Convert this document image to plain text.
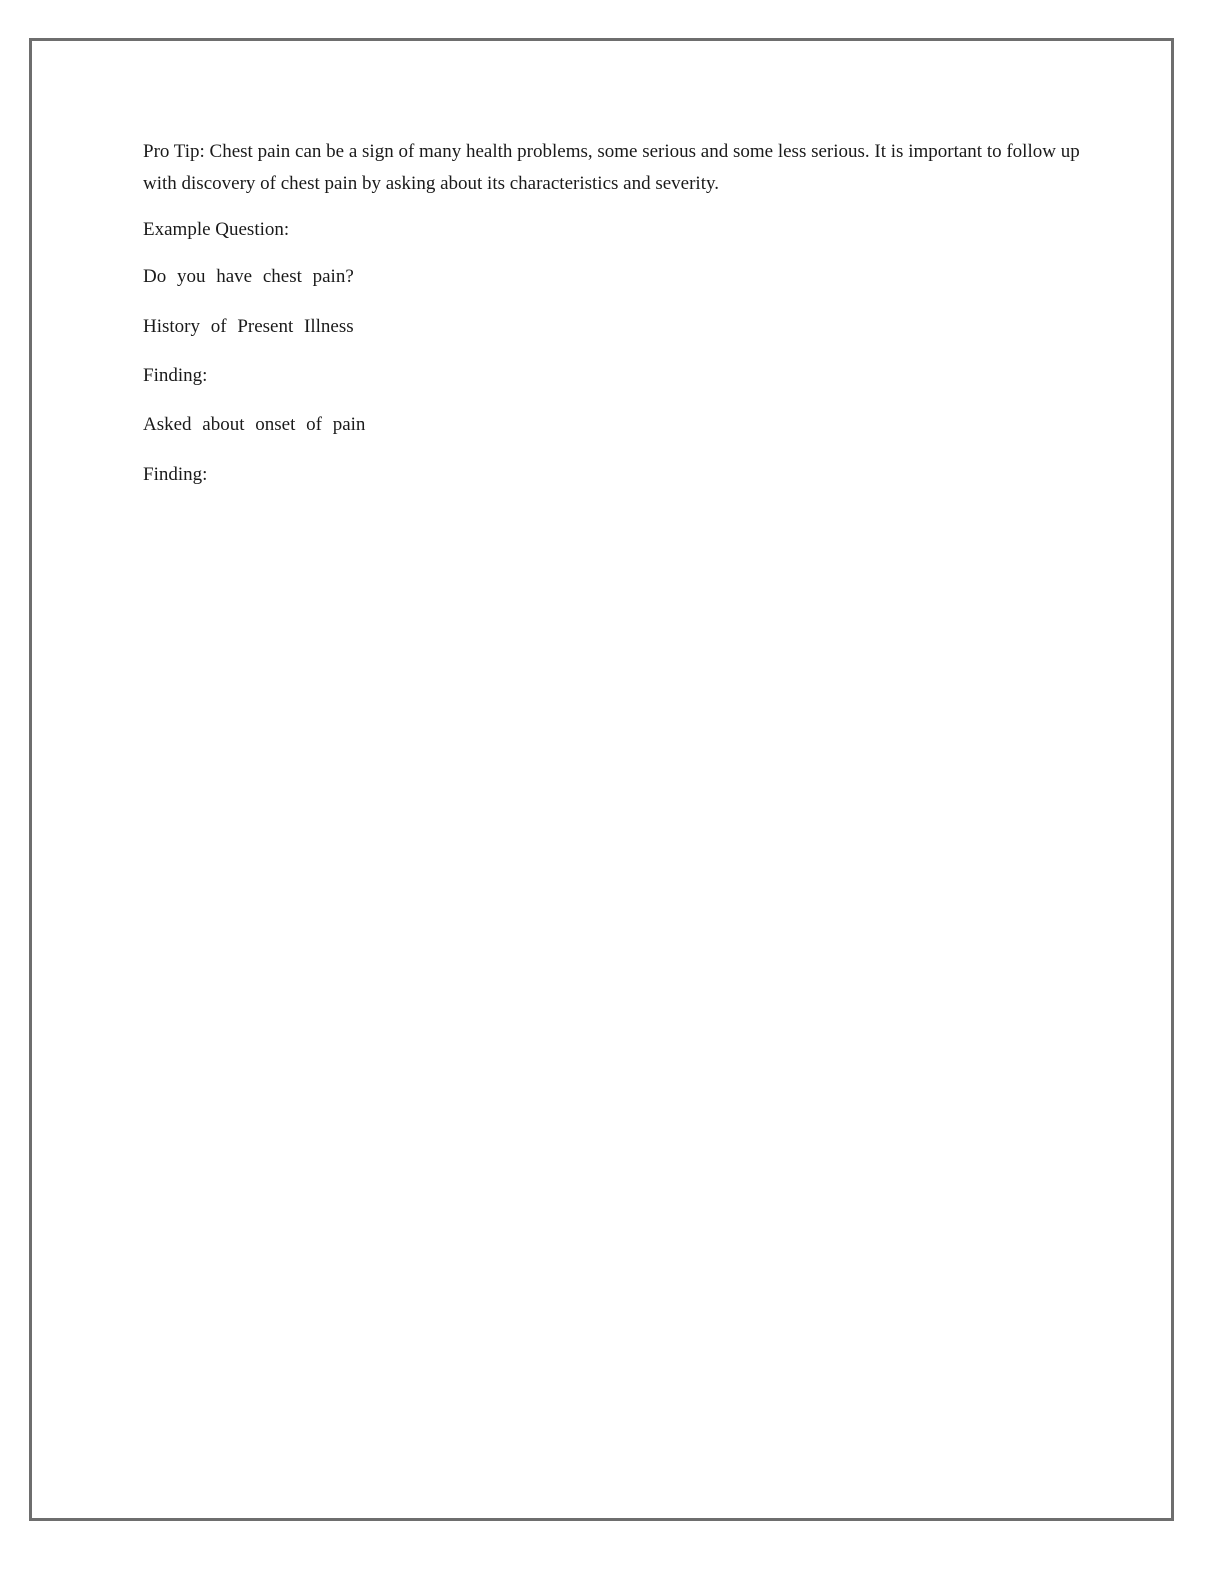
Pro Tip: Chest pain can be a sign of many health problems, some serious and some less serious. It is important to follow up with discovery of chest pain by asking about its characteristics and severity.

Example Question:
Do you have chest pain?
History of Present Illness
Finding:
Asked about onset of pain
Finding:
